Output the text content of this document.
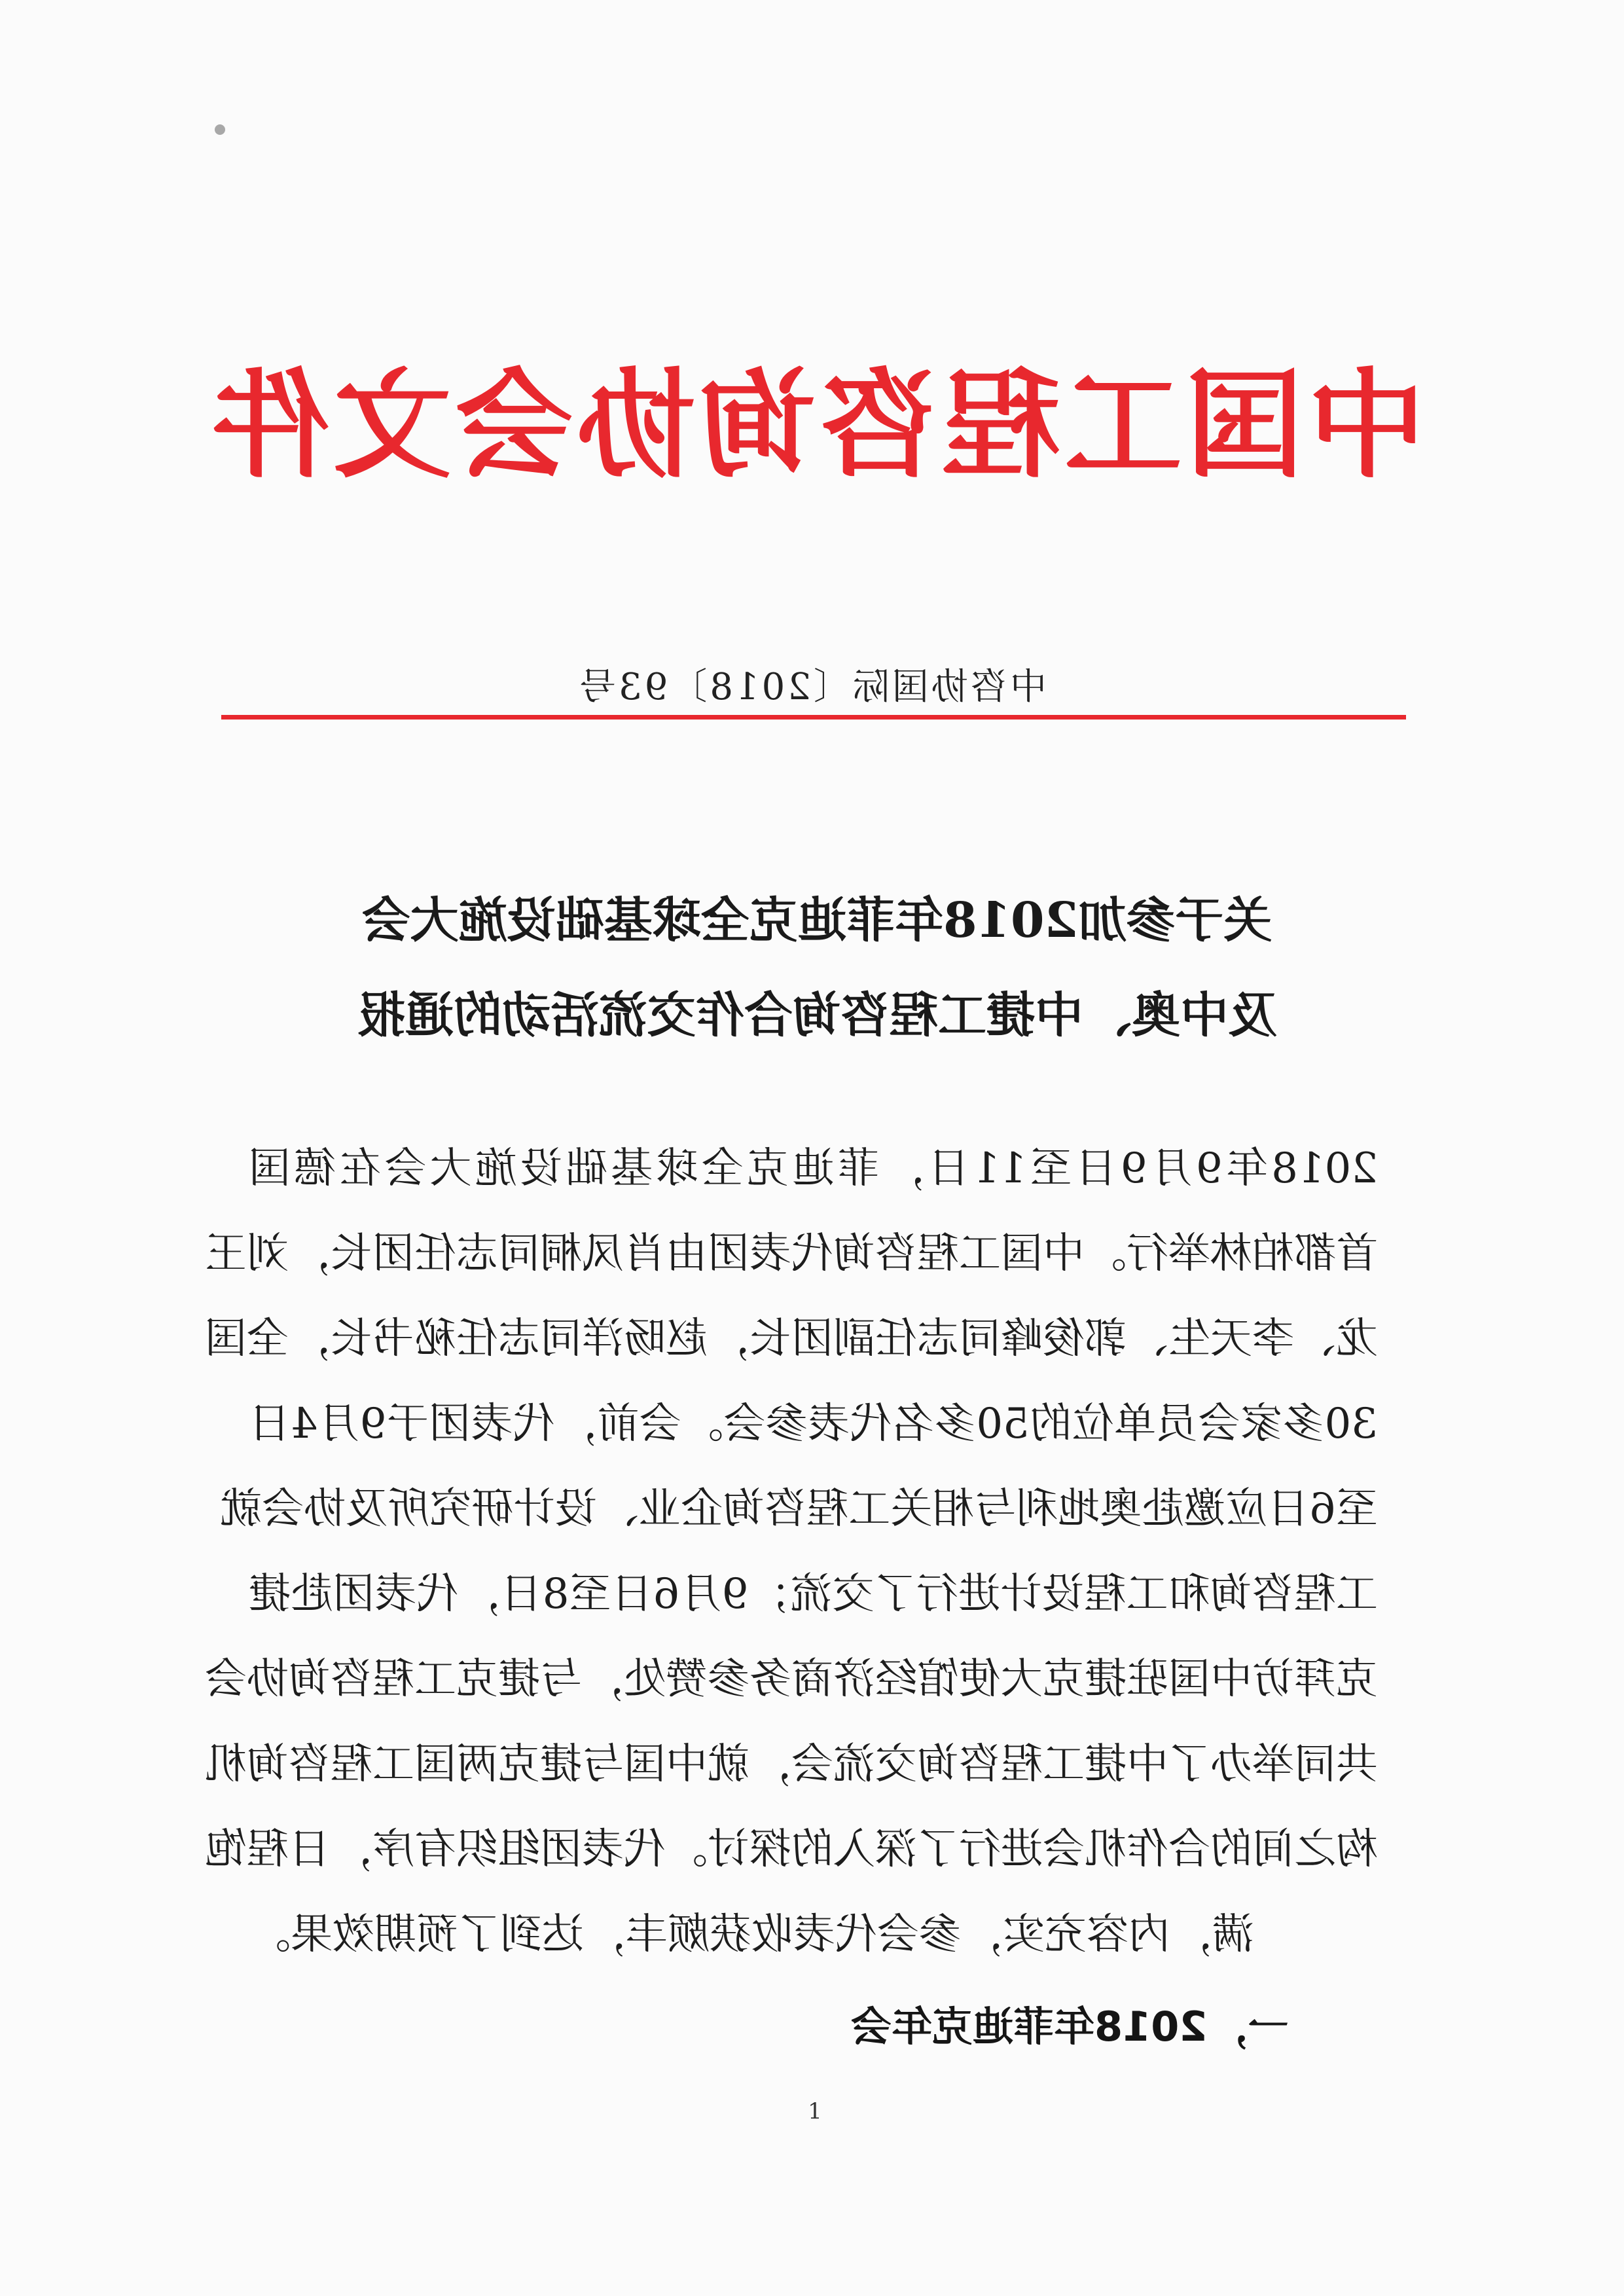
中国工程咨询协会文件
中咨协国际〔2018〕93号
关于参加2018年菲迪克全球基础设施大会
及中奥、中捷工程咨询合作交流活动的通报
2018年9月9日至11日，菲迪克全球基础设施大会在德国
首都柏林举行。中国工程咨询代表团由肖凤桐同志任团长，刘王
龙、李天生、郭俊峰同志任副团长，赵旸洋同志任秘书长，全国
30多家会员单位的50多名代表参会。会前，代表团于9月4日
至6日应邀赴奥地利与相关工程咨询企业、设计研究所及协会就
工程咨询和工程设计进行了交流；9月6日至8日，代表团赴捷
克拜访中国驻捷克大使馆经济商务参赞处，与捷克工程咨询协会
共同举办了中捷工程咨询交流会，就中国与捷克两国工程咨询机
构之间的合作机会进行了深入的探讨。代表团组织有序，日程饱
满，内容充实，参会代表收获颇丰，达到了预期效果。
一，2018年菲迪克年会
1
